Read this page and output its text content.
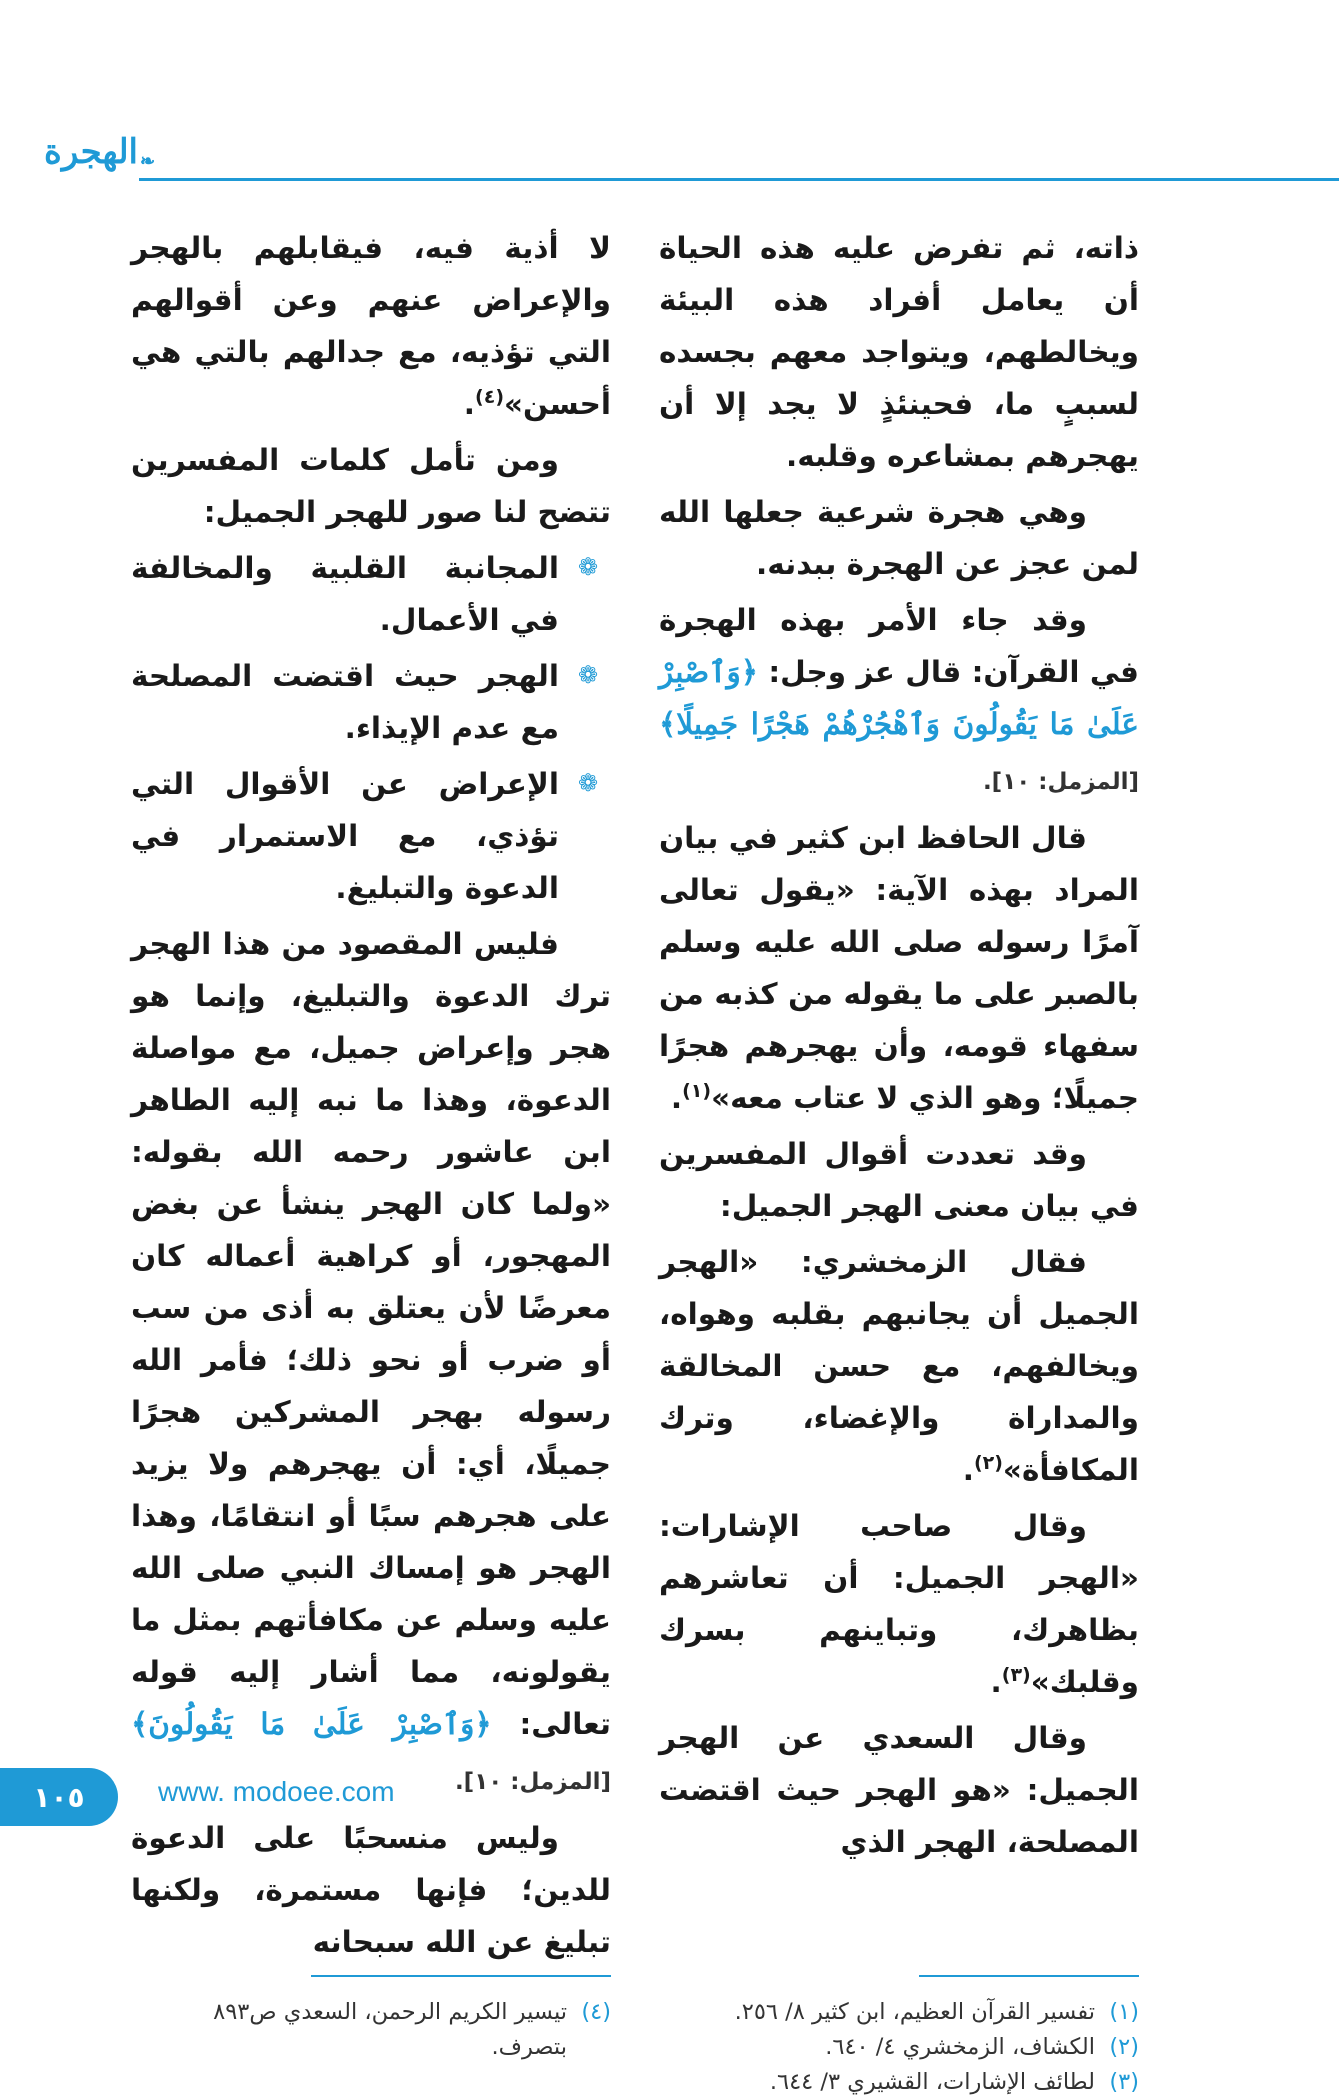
❧
الهجرة

ذاته، ثم تفرض عليه هذه الحياة أن يعامل أفراد هذه البيئة ويخالطهم، ويتواجد معهم بجسده لسببٍ ما، فحينئذٍ لا يجد إلا أن يهجرهم بمشاعره وقلبه.

وهي هجرة شرعية جعلها الله لمن عجز عن الهجرة ببدنه.

وقد جاء الأمر بهذه الهجرة في القرآن: قال عز وجل: ﴿وَٱصْبِرْ عَلَىٰ مَا يَقُولُونَ وَٱهْجُرْهُمْ هَجْرًا جَمِيلًا﴾ [المزمل: ١٠].

قال الحافظ ابن كثير في بيان المراد بهذه الآية: «يقول تعالى آمرًا رسوله صلى الله عليه وسلم بالصبر على ما يقوله من كذبه من سفهاء قومه، وأن يهجرهم هجرًا جميلًا؛ وهو الذي لا عتاب معه»$^{(١)}$.

وقد تعددت أقوال المفسرين في بيان معنى الهجر الجميل:

فقال الزمخشري: «الهجر الجميل أن يجانبهم بقلبه وهواه، ويخالفهم، مع حسن المخالقة والمداراة والإغضاء، وترك المكافأة»$^{(٢)}$.

وقال صاحب الإشارات: «الهجر الجميل: أن تعاشرهم بظاهرك، وتباينهم بسرك وقلبك»$^{(٣)}$.

وقال السعدي عن الهجر الجميل: «هو الهجر حيث اقتضت المصلحة، الهجر الذي

لا أذية فيه، فيقابلهم بالهجر والإعراض عنهم وعن أقوالهم التي تؤذيه، مع جدالهم بالتي هي أحسن»$^{(٤)}$.

ومن تأمل كلمات المفسرين تتضح لنا صور للهجر الجميل:

❁
المجانبة القلبية والمخالفة في الأعمال.
❁
الهجر حيث اقتضت المصلحة مع عدم الإيذاء.
❁
الإعراض عن الأقوال التي تؤذي، مع الاستمرار في الدعوة والتبليغ.

فليس المقصود من هذا الهجر ترك الدعوة والتبليغ، وإنما هو هجر وإعراض جميل، مع مواصلة الدعوة، وهذا ما نبه إليه الطاهر ابن عاشور رحمه الله بقوله: «ولما كان الهجر ينشأ عن بغض المهجور، أو كراهية أعماله كان معرضًا لأن يعتلق به أذى من سب أو ضرب أو نحو ذلك؛ فأمر الله رسوله بهجر المشركين هجرًا جميلًا، أي: أن يهجرهم ولا يزيد على هجرهم سبًا أو انتقامًا، وهذا الهجر هو إمساك النبي صلى الله عليه وسلم عن مكافأتهم بمثل ما يقولونه، مما أشار إليه قوله تعالى: ﴿وَٱصْبِرْ عَلَىٰ مَا يَقُولُونَ﴾ [المزمل: ١٠].

وليس منسحبًا على الدعوة للدين؛ فإنها مستمرة، ولكنها تبليغ عن الله سبحانه

(١)
تفسير القرآن العظيم، ابن كثير ٨/ ٢٥٦.
(٢)
الكشاف، الزمخشري ٤/ ٦٤٠.
(٣)
لطائف الإشارات، القشيري ٣/ ٦٤٤.
(٤)
تيسير الكريم الرحمن، السعدي ص٨٩٣ بتصرف.
١٠٥	www. modoee.com
